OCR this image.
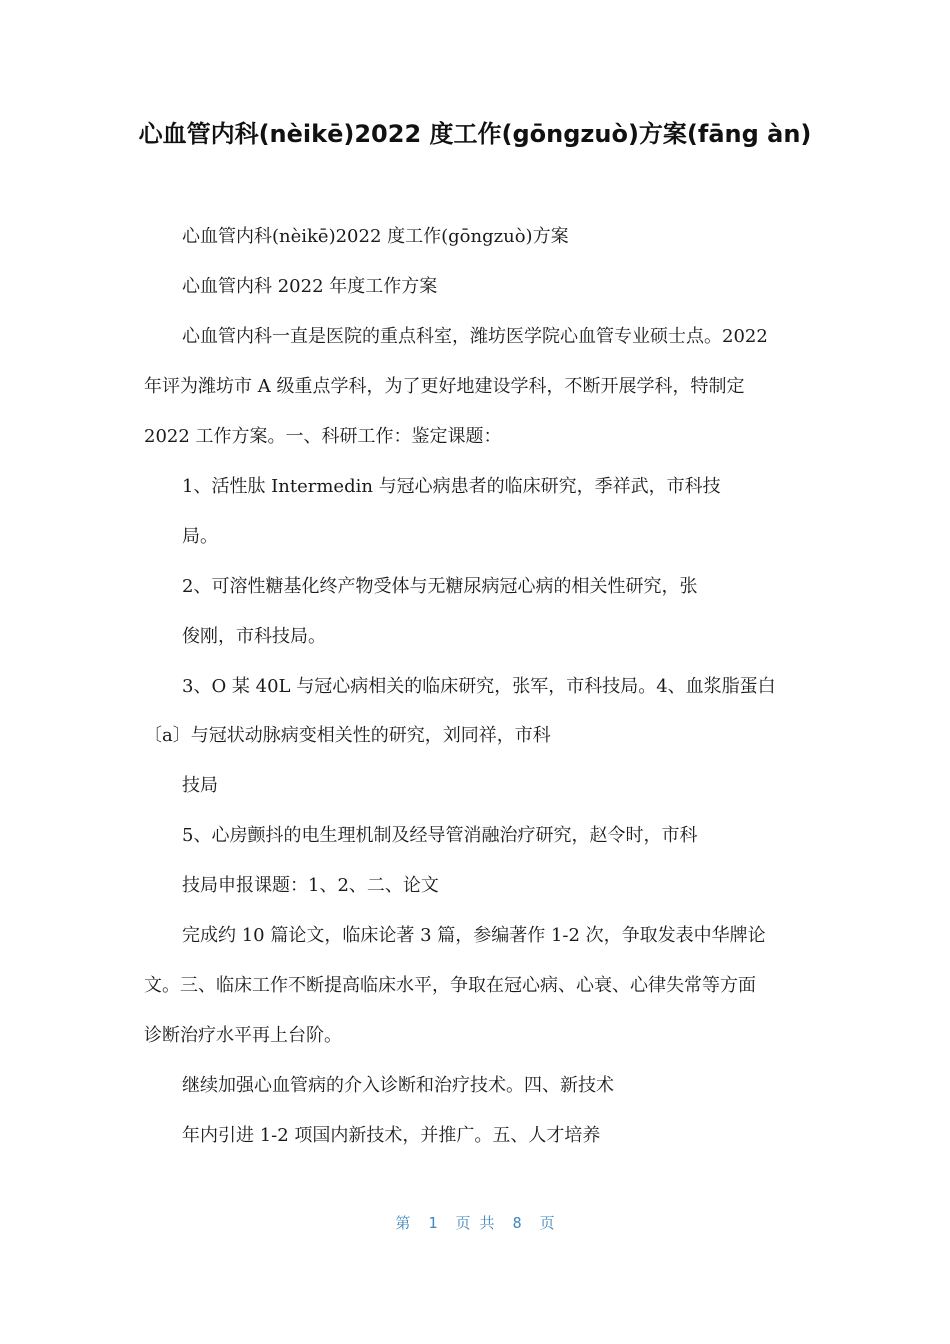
心血管内科(nèikē)2022 度工作(gōngzuò)方案(fāng àn)
心血管内科(nèikē)2022 度工作(gōngzuò)方案
心血管内科 2022 年度工作方案
心血管内科一直是医院的重点科室，潍坊医学院心血管专业硕士点。2022
年评为潍坊市 A 级重点学科，为了更好地建设学科，不断开展学科，特制定
2022 工作方案。一、科研工作：鉴定课题：
1、活性肽 Intermedin 与冠心病患者的临床研究，季祥武，市科技
局。
2、可溶性糖基化终产物受体与无糖尿病冠心病的相关性研究，张
俊刚，市科技局。
3、O 某 40L 与冠心病相关的临床研究，张军，市科技局。4、血浆脂蛋白
〔a〕与冠状动脉病变相关性的研究，刘同祥，市科
技局
5、心房颤抖的电生理机制及经导管消融治疗研究，赵令时，市科
技局申报课题：1、2、二、论文
完成约 10 篇论文，临床论著 3 篇，参编著作 1-2 次，争取发表中华牌论
文。三、临床工作不断提高临床水平，争取在冠心病、心衰、心律失常等方面
诊断治疗水平再上台阶。
继续加强心血管病的介入诊断和治疗技术。四、新技术
年内引进 1-2 项国内新技术，并推广。五、人才培养
第  1  页 共  8  页
